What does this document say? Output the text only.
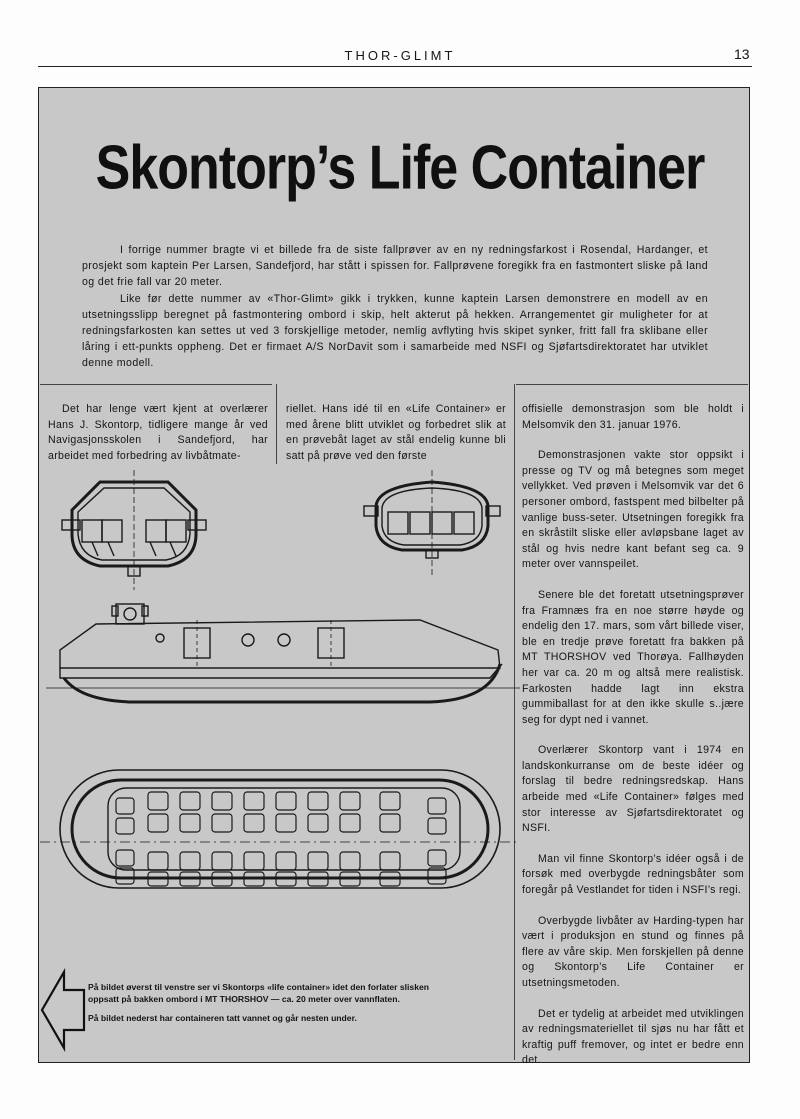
THOR-GLIMT	13
Skontorp’s Life Container

I forrige nummer bragte vi et billede fra de siste fallprøver av en ny redningsfarkost i Rosendal, Hardanger, et prosjekt som kaptein Per Larsen, Sandefjord, har stått i spissen for. Fallprøvene foregikk fra en fastmontert sliske på land og det frie fall var 20 meter.

Like før dette nummer av «Thor-Glimt» gikk i trykken, kunne kaptein Larsen demonstrere en modell av en utsetningsslipp beregnet på fastmontering ombord i skip, helt akterut på hekken. Arrangementet gir muligheter for at redningsfarkosten kan settes ut ved 3 forskjellige metoder, nemlig avflyting hvis skipet synker, fritt fall fra sklibane eller låring i ett-punkts oppheng. Det er firmaet A/S NorDavit som i samarbeide med NSFI og Sjøfartsdirektoratet har utviklet denne modell.

Det har lenge vært kjent at overlærer Hans J. Skontorp, tidligere mange år ved Navigasjonsskolen i Sandefjord, har arbeidet med forbedring av livbåtmate-

riellet. Hans idé til en «Life Container» er med årene blitt utviklet og forbedret slik at en prøvebåt laget av stål endelig kunne bli satt på prøve ved den første

offisielle demonstrasjon som ble holdt i Melsomvik den 31. januar 1976.

Demonstrasjonen vakte stor oppsikt i presse og TV og må betegnes som meget vellykket. Ved prøven i Melsomvik var det 6 personer ombord, fastspent med bilbelter på vanlige buss-seter. Utsetningen foregikk fra en skråstilt sliske eller avløpsbane laget av stål og hvis nedre kant befant seg ca. 9 meter over vannspeilet.

Senere ble det foretatt utsetningsprøver fra Framnæs fra en noe større høyde og endelig den 17. mars, som vårt billede viser, ble en tredje prøve foretatt fra bakken på MT THORSHOV ved Thorøya. Fallhøyden her var ca. 20 m og altså mere realistisk. Farkosten hadde lagt inn ekstra gummiballast for at den ikke skulle s..jære seg for dypt ned i vannet.

Overlærer Skontorp vant i 1974 en landskonkurranse om de beste idéer og forslag til bedre redningsredskap. Hans arbeide med «Life Container» følges med stor interesse av Sjøfartsdirektoratet og NSFI.

Man vil finne Skontorp’s idéer også i de forsøk med overbygde redningsbåter som foregår på Vestlandet for tiden i NSFI’s regi.

Overbygde livbåter av Harding-typen har vært i produksjon en stund og finnes på flere av våre skip. Men forskjellen på denne og Skontorp’s Life Container er utsetningsmetoden.

Det er tydelig at arbeidet med utviklingen av redningsmateriellet til sjøs nu har fått et kraftig puff fremover, og intet er bedre enn det.

På bildet øverst til venstre ser vi Skontorps «life container» idet den forlater slisken oppsatt på bakken ombord i MT THORSHOV — ca. 20 meter over vannflaten.

På bildet nederst har containeren tatt vannet og går nesten under.
